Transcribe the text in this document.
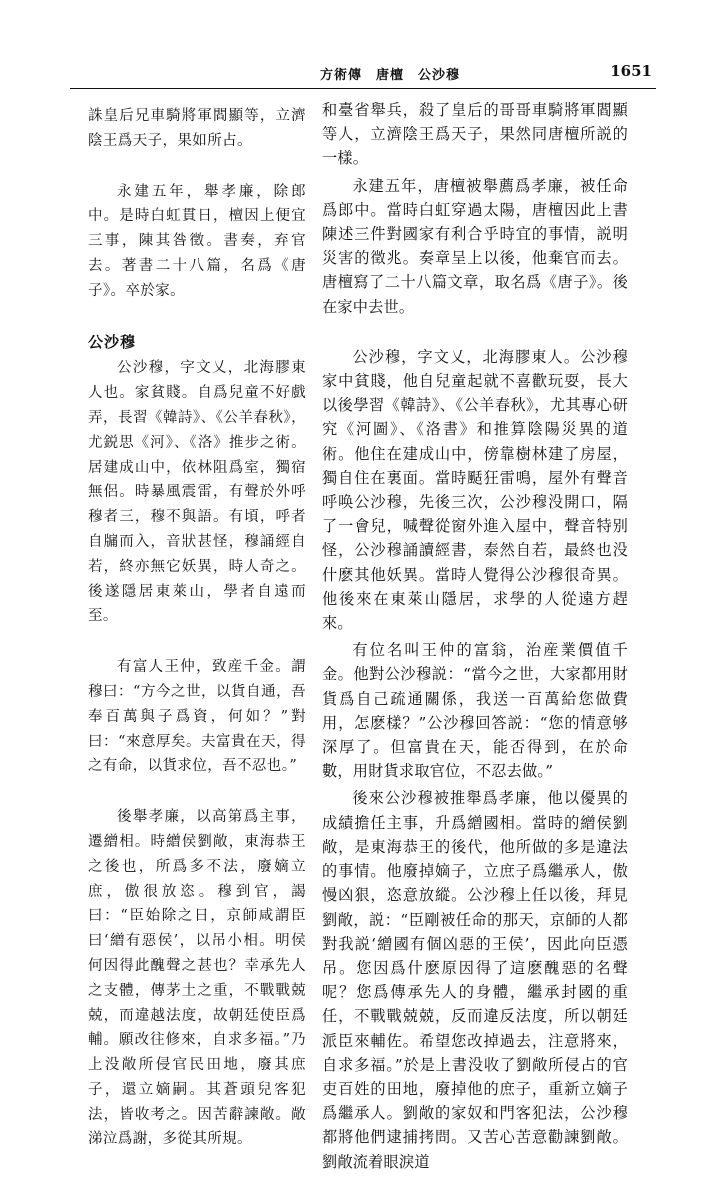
方術傳　唐檀　公沙穆	1651

誅皇后兄車騎將軍閻顯等，立濟陰王爲天子，果如所占。

永建五年，舉孝廉，除郎中。是時白虹貫日，檀因上便宜三事，陳其咎徵。書奏，弃官去。著書二十八篇，名爲《唐子》。卒於家。

公沙穆

公沙穆，字文乂，北海膠東人也。家貧賤。自爲兒童不好戲弄，長習《韓詩》、《公羊春秋》，尤鋭思《河》、《洛》推步之術。居建成山中，依林阻爲室，獨宿無侶。時暴風震雷，有聲於外呼穆者三，穆不與語。有頃，呼者自牖而入，音狀甚怪，穆誦經自若，終亦無它妖異，時人奇之。後遂隱居東萊山，學者自遠而至。

有富人王仲，致産千金。謂穆曰：“方今之世，以貨自通，吾奉百萬與子爲資，何如？”對曰：“來意厚矣。夫富貴在天，得之有命，以貨求位，吾不忍也。”

後舉孝廉，以高第爲主事，遷繒相。時繒侯劉敞，東海恭王之後也，所爲多不法，廢嫡立庶，傲很放恣。穆到官，謁曰：“臣始除之日，京師咸謂臣曰‘繒有惡侯’，以吊小相。明侯何因得此醜聲之甚也？幸承先人之支體，傳茅土之重，不戰戰兢兢，而違越法度，故朝廷使臣爲輔。願改往修來，自求多福。”乃上没敞所侵官民田地，廢其庶子，還立嫡嗣。其蒼頭兒客犯法，皆收考之。因苦辭諫敞。敞涕泣爲謝，多從其所規。

和臺省舉兵，殺了皇后的哥哥車騎將軍閻顯等人，立濟陰王爲天子，果然同唐檀所説的一樣。

永建五年，唐檀被舉薦爲孝廉，被任命爲郎中。當時白虹穿過太陽，唐檀因此上書陳述三件對國家有利合乎時宜的事情，説明災害的徵兆。奏章呈上以後，他棄官而去。唐檀寫了二十八篇文章，取名爲《唐子》。後在家中去世。

公沙穆，字文乂，北海膠東人。公沙穆家中貧賤，他自兒童起就不喜歡玩耍，長大以後學習《韓詩》、《公羊春秋》，尤其專心研究《河圖》、《洛書》和推算陰陽災異的道術。他住在建成山中，傍靠樹林建了房屋，獨自住在裏面。當時颳狂雷鳴，屋外有聲音呼唤公沙穆，先後三次，公沙穆没開口，隔了一會兒，喊聲從窗外進入屋中，聲音特别怪，公沙穆誦讀經書，泰然自若，最終也没什麽其他妖異。當時人覺得公沙穆很奇異。他後來在東萊山隱居，求學的人從遠方趕來。

有位名叫王仲的富翁，治産業價值千金。他對公沙穆説：“當今之世，大家都用財貨爲自己疏通關係，我送一百萬給您做費用，怎麽樣？”公沙穆回答説：“您的情意够深厚了。但富貴在天，能否得到，在於命數，用財貨求取官位，不忍去做。”

後來公沙穆被推舉爲孝廉，他以優異的成績擔任主事，升爲繒國相。當時的繒侯劉敞，是東海恭王的後代，他所做的多是違法的事情。他廢掉嫡子，立庶子爲繼承人，傲慢凶狠，恣意放縱。公沙穆上任以後，拜見劉敞，説：“臣剛被任命的那天，京師的人都對我説‘繒國有個凶惡的王侯’，因此向臣憑吊。您因爲什麽原因得了這麽醜惡的名聲呢？您爲傳承先人的身體，繼承封國的重任，不戰戰兢兢，反而違反法度，所以朝廷派臣來輔佐。希望您改掉過去，注意將來，自求多福。”於是上書没收了劉敞所侵占的官吏百姓的田地，廢掉他的庶子，重新立嫡子爲繼承人。劉敞的家奴和門客犯法，公沙穆都將他們逮捕拷問。又苦心苦意勸諫劉敞。劉敞流着眼淚道
